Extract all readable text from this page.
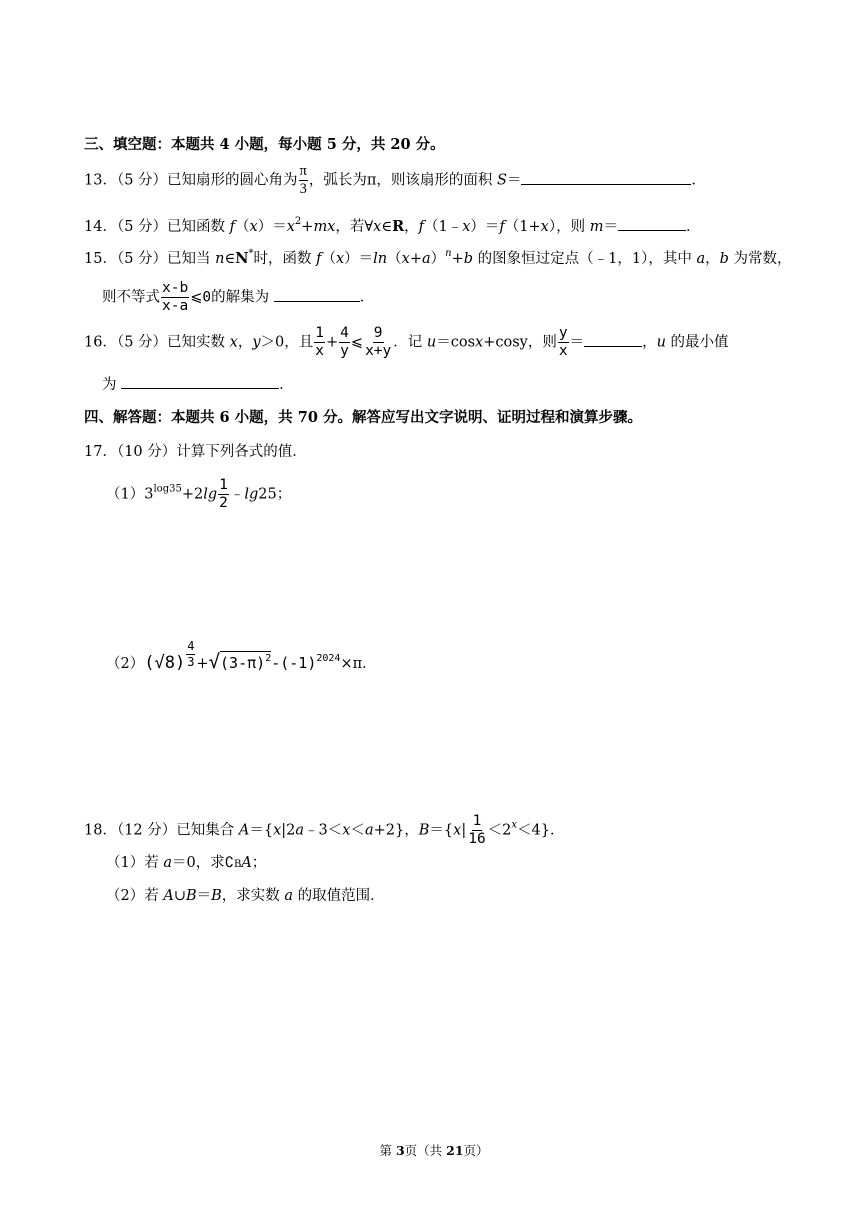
三、填空题：本题共 4 小题，每小题 5 分，共 20 分。
13．（5 分）已知扇形的圆心角为 $\frac{\pi}{3}$ ，弧长为π，则该扇形的面积 S＝	．
14．（5 分）已知函数 $f(x)=x^2+mx$，若∀x∈R，f（1﹣x）＝f（1+x），则 m＝	．
15．（5 分）已知当 n∈N*时，函数 $f(x)=\ln(x+a)^n+b$ 的图象恒过定点（﹣1，1），其中 a，b 为常数，
则不等式 $\frac{x-b}{x-a}$ ⩽0的解集为	．
16．（5 分）已知实数 x，y＞0，且 $\frac{1}{x} + \frac{4}{y}$ ⩽ $\frac{9}{x+y}$ ．记 u＝cosx+cosy，则 $\frac{y}{x}$ ＝	，u 的最小值
为	．
四、解答题：本题共 6 小题，共 70 分。解答应写出文字说明、证明过程和演算步骤。
17．（10 分）计算下列各式的值．
$(1)3^{log35}+2\lg \frac{1}{2}$ ﹣lg25；
$(2)(√8) \frac{4}{3} +√(3-\pi)^2-(-1)^{2024}\times\pi$．
18．（12 分）已知集合 A＝{x|2a﹣3＜x＜a+2}，$B=\{x| \frac{1}{16} <2^x<4\}$．
（1）若 a＝0，求∁BA；
（2）若 A∪B＝B，求实数 a 的取值范围．
第 3页（共 21页）
